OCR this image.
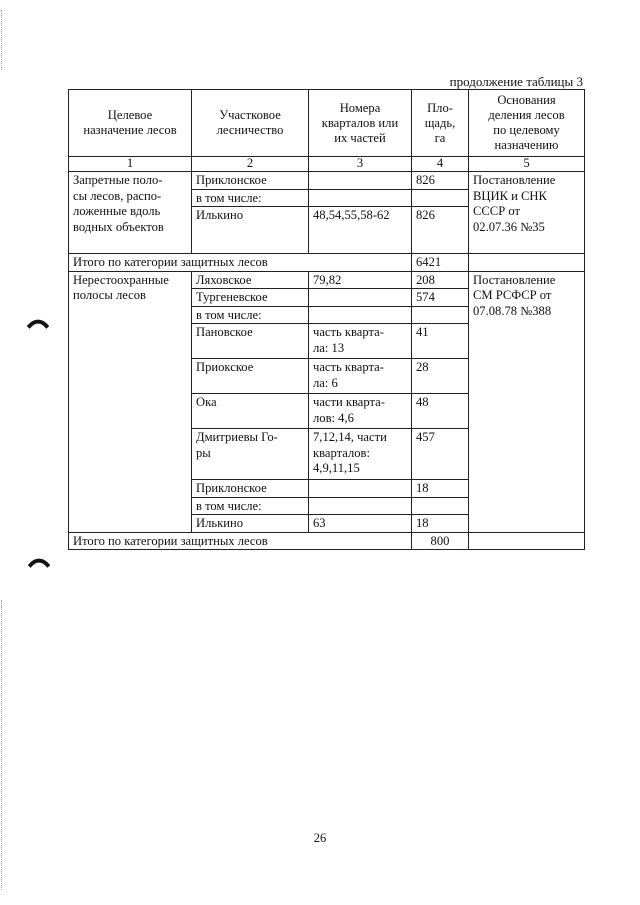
продолжение таблицы 3
Целевое
назначение лесов	Участковое
лесничество	Номера
кварталов или
их частей	Пло-
щадь,
га	Основания
деления лесов
по целевому
назначению
1	2	3	4	5
Запретные поло-
сы лесов, распо-
ложенные вдоль
водных объектов	Приклонское		826	Постановление
ВЦИК и СНК
СССР от
02.07.36 №35
	в том числе:			
	Илькино	48,54,55,58-62	826	
Итого по категории защитных лесов			6421	
Нерестоохранные
полосы лесов	Ляховское	79,82	208	Постановление
СМ РСФСР от
07.08.78 №388
	Тургеневское		574	
	в том числе:			
	Пановское	часть кварта-
ла: 13	41	
	Приокское	часть кварта-
ла: 6	28	
	Ока	части кварта-
лов: 4,6	48	
	Дмитриевы Го-
ры	7,12,14, части
кварталов:
4,9,11,15	457	
	Приклонское		18	
	в том числе:			
	Илькино	63	18	
Итого по категории защитных лесов			800	
26
